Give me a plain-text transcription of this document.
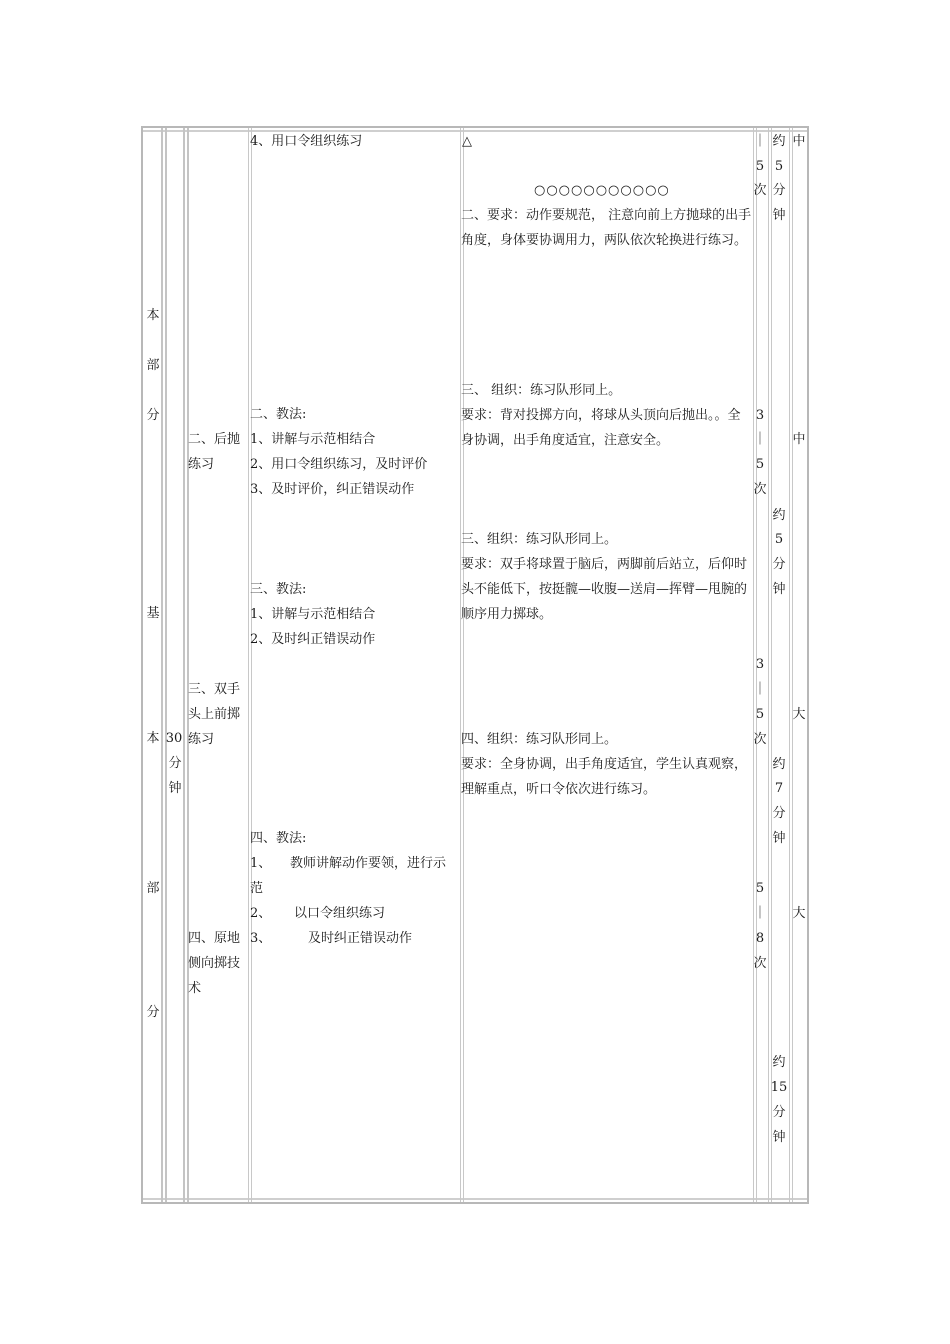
本
部
分
基
本
部
分
30
分
钟
二、后抛
练习
三、双手
头上前掷
练习
四、原地
侧向掷技
术
4、用口令组织练习
二、教法:
1、讲解与示范相结合
2、用口令组织练习，及时评价
3、及时评价，纠正错误动作
三、教法:
1、讲解与示范相结合
2、及时纠正错误动作
四、教法:
1、 教师讲解动作要领，进行示
范
2、 以口令组织练习
3、	及时纠正错误动作
△
○○○○○○○○○○○
二、要求：动作要规范， 注意向前上方抛球的出手角度，身体要协调用力，两队依次轮换进行练习。
三、 组织：练习队形同上。
要求：背对投掷方向，将球从头顶向后抛出。。全身协调，出手角度适宜，注意安全。
三、组织：练习队形同上。
要求：双手将球置于脑后，两脚前后站立，后仰时头不能低下，按挺髋—收腹—送肩—挥臂—甩腕的顺序用力掷球。
四、组织：练习队形同上。
要求：全身协调，出手角度适宜，学生认真观察，理解重点，听口令依次进行练习。
｜
5
次
3
｜
5
次
3
｜
5
次
5
｜
8
次
约
5
分
钟
约
5
分
钟
约
7
分
钟
约
15
分
钟
中
中
大
大
